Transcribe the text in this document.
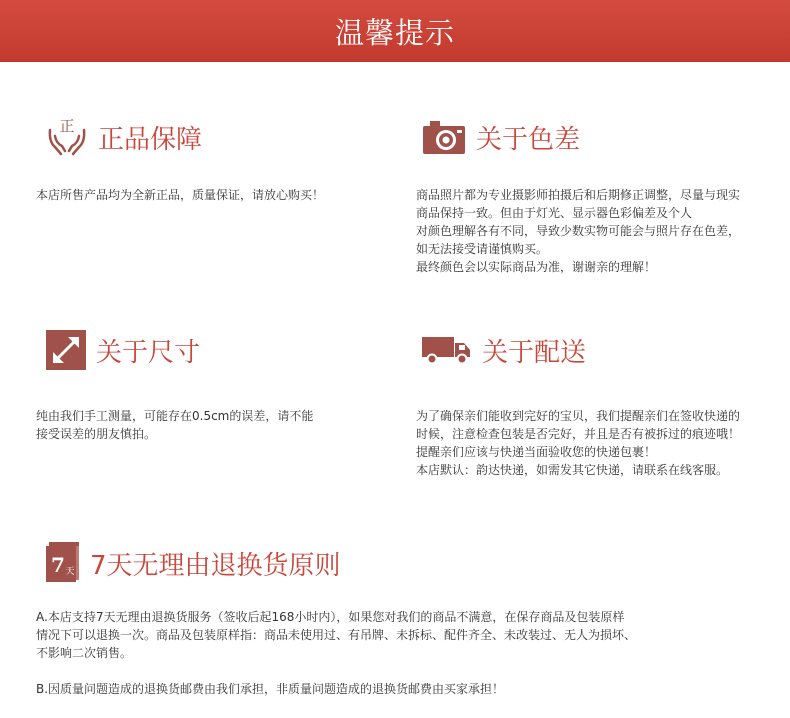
温馨提示
正 正品保障

本店所售产品均为全新正品，质量保证，请放心购买！

关于色差

商品照片都为专业摄影师拍摄后和后期修正调整，尽量与现实

商品保持一致。但由于灯光、显示器色彩偏差及个人

对颜色理解各有不同，导致少数实物可能会与照片存在色差，

如无法接受请谨慎购买。

最终颜色会以实际商品为准，谢谢亲的理解！

关于尺寸

纯由我们手工测量，可能存在0.5cm的误差，请不能

接受误差的朋友慎拍。

关于配送

为了确保亲们能收到完好的宝贝，我们提醒亲们在签收快递的

时候，注意检查包装是否完好，并且是否有被拆过的痕迹哦！

提醒亲们应该与快递当面验收您的快递包裹！

本店默认：韵达快递，如需发其它快递，请联系在线客服。

7 天 7天无理由退换货原则

A.本店支持7天无理由退换货服务（签收后起168小时内），如果您对我们的商品不满意，在保存商品及包装原样

情况下可以退换一次。商品及包装原样指：商品未使用过、有吊牌、未拆标、配件齐全、未改装过、无人为损坏、

不影响二次销售。

B.因质量问题造成的退换货邮费由我们承担，非质量问题造成的退换货邮费由买家承担！
